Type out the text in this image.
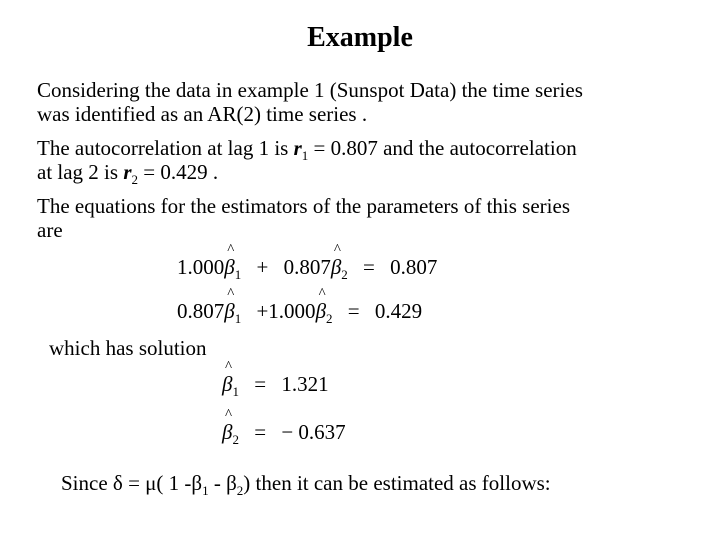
Example
Considering the data in example 1 (Sunspot Data) the time series
was identified as an AR(2) time series .
The autocorrelation at lag 1 is $r_1 = 0.807$ and the autocorrelation
at lag 2 is $r_2 = 0.429$ .
The equations for the estimators of the parameters of this series
are
1.000^ $\beta_1$ + 0.807^ $\beta_2 = 0.807$
0.807^ $\beta_1$ +1.000^ $\beta_2 = 0.429$
which has solution
^ $\beta_1 = 1.321$
^ $\beta_2$ = − 0.637
Since δ = μ( 1 $-\beta_1 - \beta_2$) then it can be estimated as follows:
